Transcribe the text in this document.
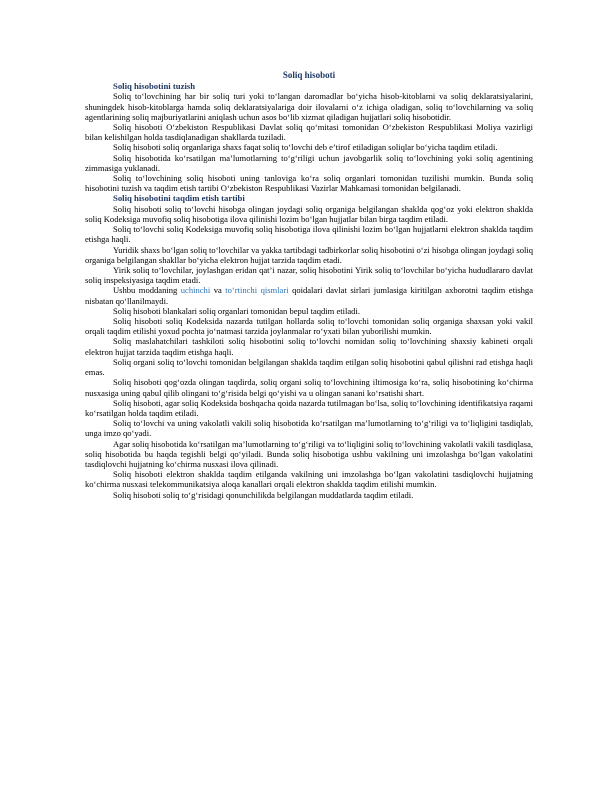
Soliq hisoboti
Soliq hisobotini tuzish

Soliq to‘lovchining har bir soliq turi yoki to‘langan daromadlar bo‘yicha hisob-kitoblarni va soliq deklaratsiyalarini, shuningdek hisob-kitoblarga hamda soliq deklaratsiyalariga doir ilovalarni o‘z ichiga oladigan, soliq to‘lovchilarning va soliq agentlarining soliq majburiyatlarini aniqlash uchun asos bo‘lib xizmat qiladigan hujjatlari soliq hisobotidir.

Soliq hisoboti O‘zbekiston Respublikasi Davlat soliq qo‘mitasi tomonidan O‘zbekiston Respublikasi Moliya vazirligi bilan kelishilgan holda tasdiqlanadigan shakllarda tuziladi.

Soliq hisoboti soliq organlariga shaxs faqat soliq to‘lovchi deb e’tirof etiladigan soliqlar bo‘yicha taqdim etiladi.

Soliq hisobotida ko‘rsatilgan ma’lumotlarning to‘g‘riligi uchun javobgarlik soliq to‘lovchining yoki soliq agentining zimmasiga yuklanadi.

Soliq to‘lovchining soliq hisoboti uning tanloviga ko‘ra soliq organlari tomonidan tuzilishi mumkin. Bunda soliq hisobotini tuzish va taqdim etish tartibi O‘zbekiston Respublikasi Vazirlar Mahkamasi tomonidan belgilanadi.

Soliq hisobotini taqdim etish tartibi

Soliq hisoboti soliq to‘lovchi hisobga olingan joydagi soliq organiga belgilangan shaklda qog‘oz yoki elektron shaklda soliq Kodeksiga muvofiq soliq hisobotiga ilova qilinishi lozim bo‘lgan hujjatlar bilan birga taqdim etiladi.

Soliq to‘lovchi soliq Kodeksiga muvofiq soliq hisobotiga ilova qilinishi lozim bo‘lgan hujjatlarni elektron shaklda taqdim etishga haqli.

Yuridik shaxs bo‘lgan soliq to‘lovchilar va yakka tartibdagi tadbirkorlar soliq hisobotini o‘zi hisobga olingan joydagi soliq organiga belgilangan shakllar bo‘yicha elektron hujjat tarzida taqdim etadi.

Yirik soliq to‘lovchilar, joylashgan eridan qat’i nazar, soliq hisobotini Yirik soliq to‘lovchilar bo‘yicha hududlararo davlat soliq inspeksiyasiga taqdim etadi.

Ushbu moddaning uchinchi va to‘rtinchi qismlari qoidalari davlat sirlari jumlasiga kiritilgan axborotni taqdim etishga nisbatan qo‘llanilmaydi.

Soliq hisoboti blankalari soliq organlari tomonidan bepul taqdim etiladi.

Soliq hisoboti soliq Kodeksida nazarda tutilgan hollarda soliq to‘lovchi tomonidan soliq organiga shaxsan yoki vakil orqali taqdim etilishi yoxud pochta jo‘natmasi tarzida joylanmalar ro‘yxati bilan yuborilishi mumkin.

Soliq maslahatchilari tashkiloti soliq hisobotini soliq to‘lovchi nomidan soliq to‘lovchining shaxsiy kabineti orqali elektron hujjat tarzida taqdim etishga haqli.

Soliq organi soliq to‘lovchi tomonidan belgilangan shaklda taqdim etilgan soliq hisobotini qabul qilishni rad etishga haqli emas.

Soliq hisoboti qog‘ozda olingan taqdirda, soliq organi soliq to‘lovchining iltimosiga ko‘ra, soliq hisobotining ko‘chirma nusxasiga uning qabul qilib olingani to‘g‘risida belgi qo‘yishi va u olingan sanani ko‘rsatishi shart.

Soliq hisoboti, agar soliq Kodeksida boshqacha qoida nazarda tutilmagan bo‘lsa, soliq to‘lovchining identifikatsiya raqami ko‘rsatilgan holda taqdim etiladi.

Soliq to‘lovchi va uning vakolatli vakili soliq hisobotida ko‘rsatilgan ma’lumotlarning to‘g‘riligi va to‘liqligini tasdiqlab, unga imzo qo‘yadi.

Agar soliq hisobotida ko‘rsatilgan ma’lumotlarning to‘g‘riligi va to‘liqligini soliq to‘lovchining vakolatli vakili tasdiqlasa, soliq hisobotida bu haqda tegishli belgi qo‘yiladi. Bunda soliq hisobotiga ushbu vakilning uni imzolashga bo‘lgan vakolatini tasdiqlovchi hujjatning ko‘chirma nusxasi ilova qilinadi.

Soliq hisoboti elektron shaklda taqdim etilganda vakilning uni imzolashga bo‘lgan vakolatini tasdiqlovchi hujjatning ko‘chirma nusxasi telekommunikatsiya aloqa kanallari orqali elektron shaklda taqdim etilishi mumkin.

Soliq hisoboti soliq to‘g‘risidagi qonunchilikda belgilangan muddatlarda taqdim etiladi.
